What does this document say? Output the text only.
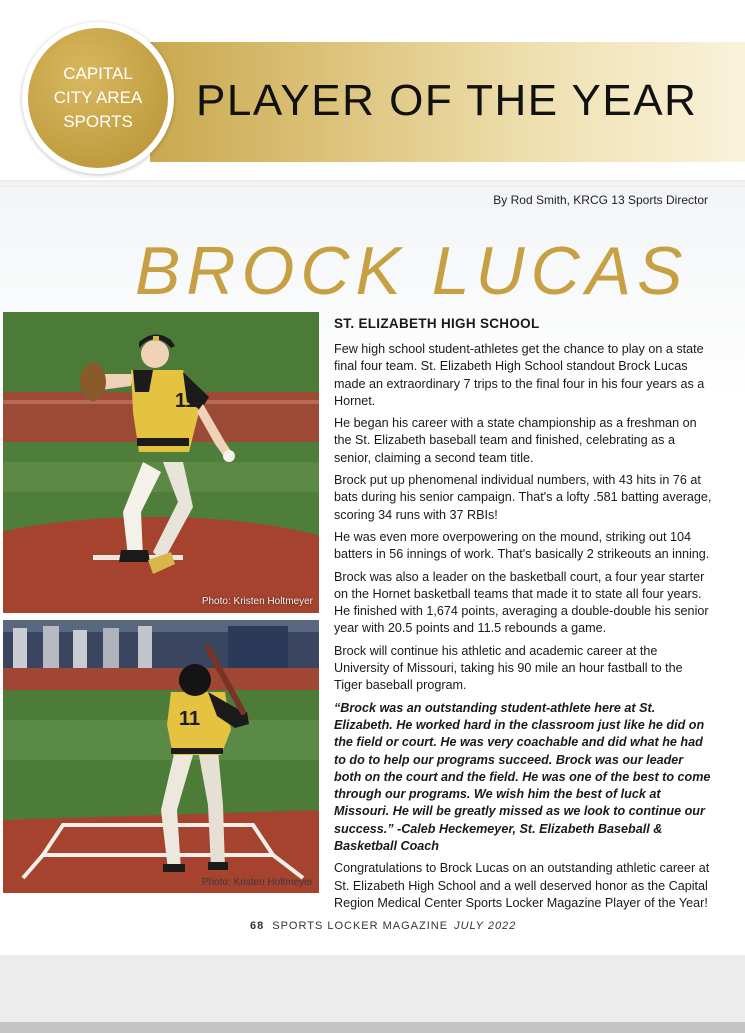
PLAYER OF THE YEAR
CAPITAL
CITY AREA
SPORTS
By Rod Smith, KRCG 13 Sports Director
BROCK LUCAS
11
Photo: Kristen Holtmeyer
11
Photo: Kristen Holtmeyer
ST. ELIZABETH HIGH SCHOOL

Few high school student-athletes get the chance to play on a state final four team. St. Elizabeth High School standout Brock Lucas made an extraordinary 7 trips to the final four in his four years as a Hornet.

He began his career with a state championship as a freshman on the St. Elizabeth baseball team and finished, celebrating as a senior, claiming a second team title.

Brock put up phenomenal individual numbers, with 43 hits in 76 at bats during his senior campaign. That's a lofty .581 batting average, scoring 34 runs with 37 RBIs!

He was even more overpowering on the mound, striking out 104 batters in 56 innings of work. That's basically 2 strikeouts an inning.

Brock was also a leader on the basketball court, a four year starter on the Hornet basketball teams that made it to state all four years. He finished with 1,674 points, averaging a double-double his senior year with 20.5 points and 11.5 rebounds a game.

Brock will continue his athletic and academic career at the University of Missouri, taking his 90 mile an hour fastball to the Tiger baseball program.

“Brock was an outstanding student-athlete here at St. Elizabeth. He worked hard in the classroom just like he did on the field or court. He was very coachable and did what he had to do to help our programs succeed. Brock was our leader both on the court and the field. He was one of the best to come through our programs. We wish him the best of luck at Missouri. He will be greatly missed as we look to continue our success.” -Caleb Heckemeyer, St. Elizabeth Baseball & Basketball Coach

Congratulations to Brock Lucas on an outstanding athletic career at St. Elizabeth High School and a well deserved honor as the Capital Region Medical Center Sports Locker Magazine Player of the Year!

68 SPORTS LOCKER MAGAZINE JULY 2022
